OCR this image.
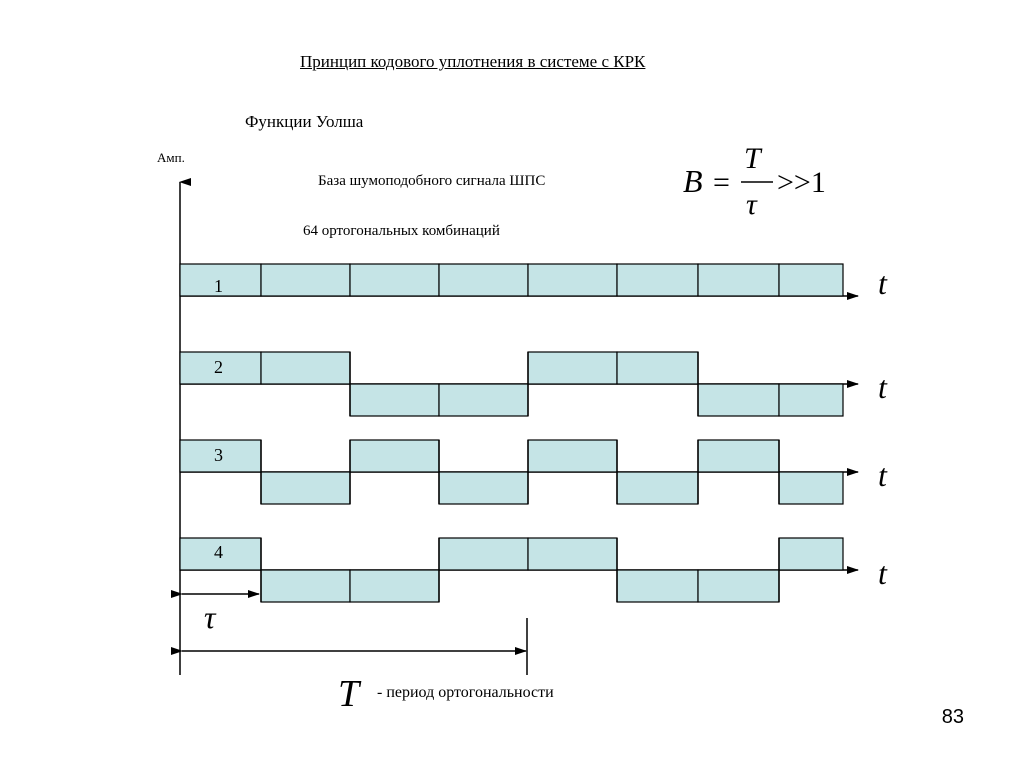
Принцип кодового уплотнения в системе с КРК
Функции Уолша
Амп.
База шумоподобного сигнала ШПС
64 ортогональных комбинаций
- период ортогональности
83
B =
T
τ
>>1
1	t
2
t
3
t
4
t
τ
T
